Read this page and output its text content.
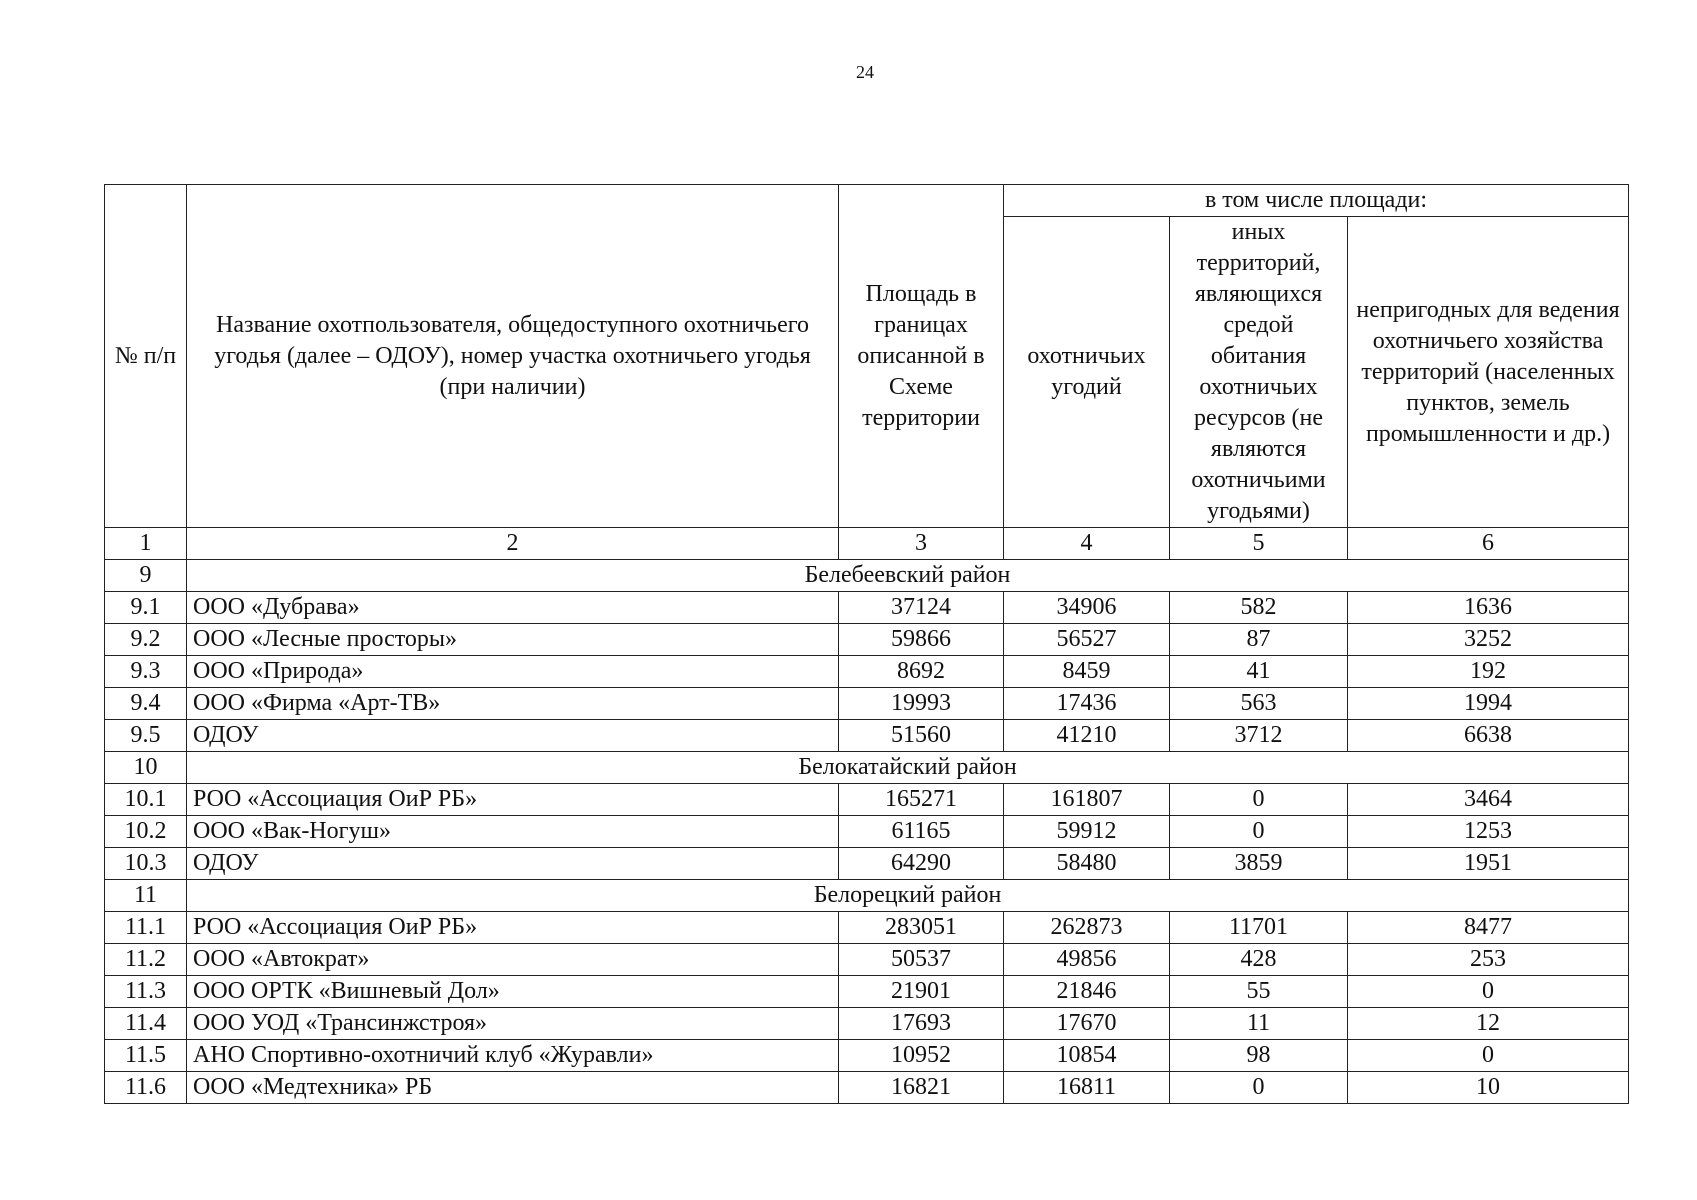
24
№ п/п	Название охотпользователя, общедоступного охотничьего угодья (далее – ОДОУ), номер участка охотничьего угодья (при наличии)	Площадь в границах описанной в Схеме территории	в том числе площади:		
			охотничьих угодий	иных территорий, являющихся средой обитания охотничьих ресурсов (не являются охотничьими угодьями)	непригодных для ведения охотничьего хозяйства территорий (населенных пунктов, земель промышленности и др.)
1	2	3	4	5	6
9	Белебеевский район				
9.1	ООО «Дубрава»	37124	34906	582	1636
9.2	ООО «Лесные просторы»	59866	56527	87	3252
9.3	ООО «Природа»	8692	8459	41	192
9.4	ООО «Фирма «Арт-ТВ»	19993	17436	563	1994
9.5	ОДОУ	51560	41210	3712	6638
10	Белокатайский район				
10.1	РОО «Ассоциация ОиР РБ»	165271	161807	0	3464
10.2	ООО «Вак-Ногуш»	61165	59912	0	1253
10.3	ОДОУ	64290	58480	3859	1951
11	Белорецкий район				
11.1	РОО «Ассоциация ОиР РБ»	283051	262873	11701	8477
11.2	ООО «Автократ»	50537	49856	428	253
11.3	ООО ОРТК «Вишневый Дол»	21901	21846	55	0
11.4	ООО УОД «Трансинжстроя»	17693	17670	11	12
11.5	АНО Спортивно-охотничий клуб «Журавли»	10952	10854	98	0
11.6	ООО «Медтехника» РБ	16821	16811	0	10
